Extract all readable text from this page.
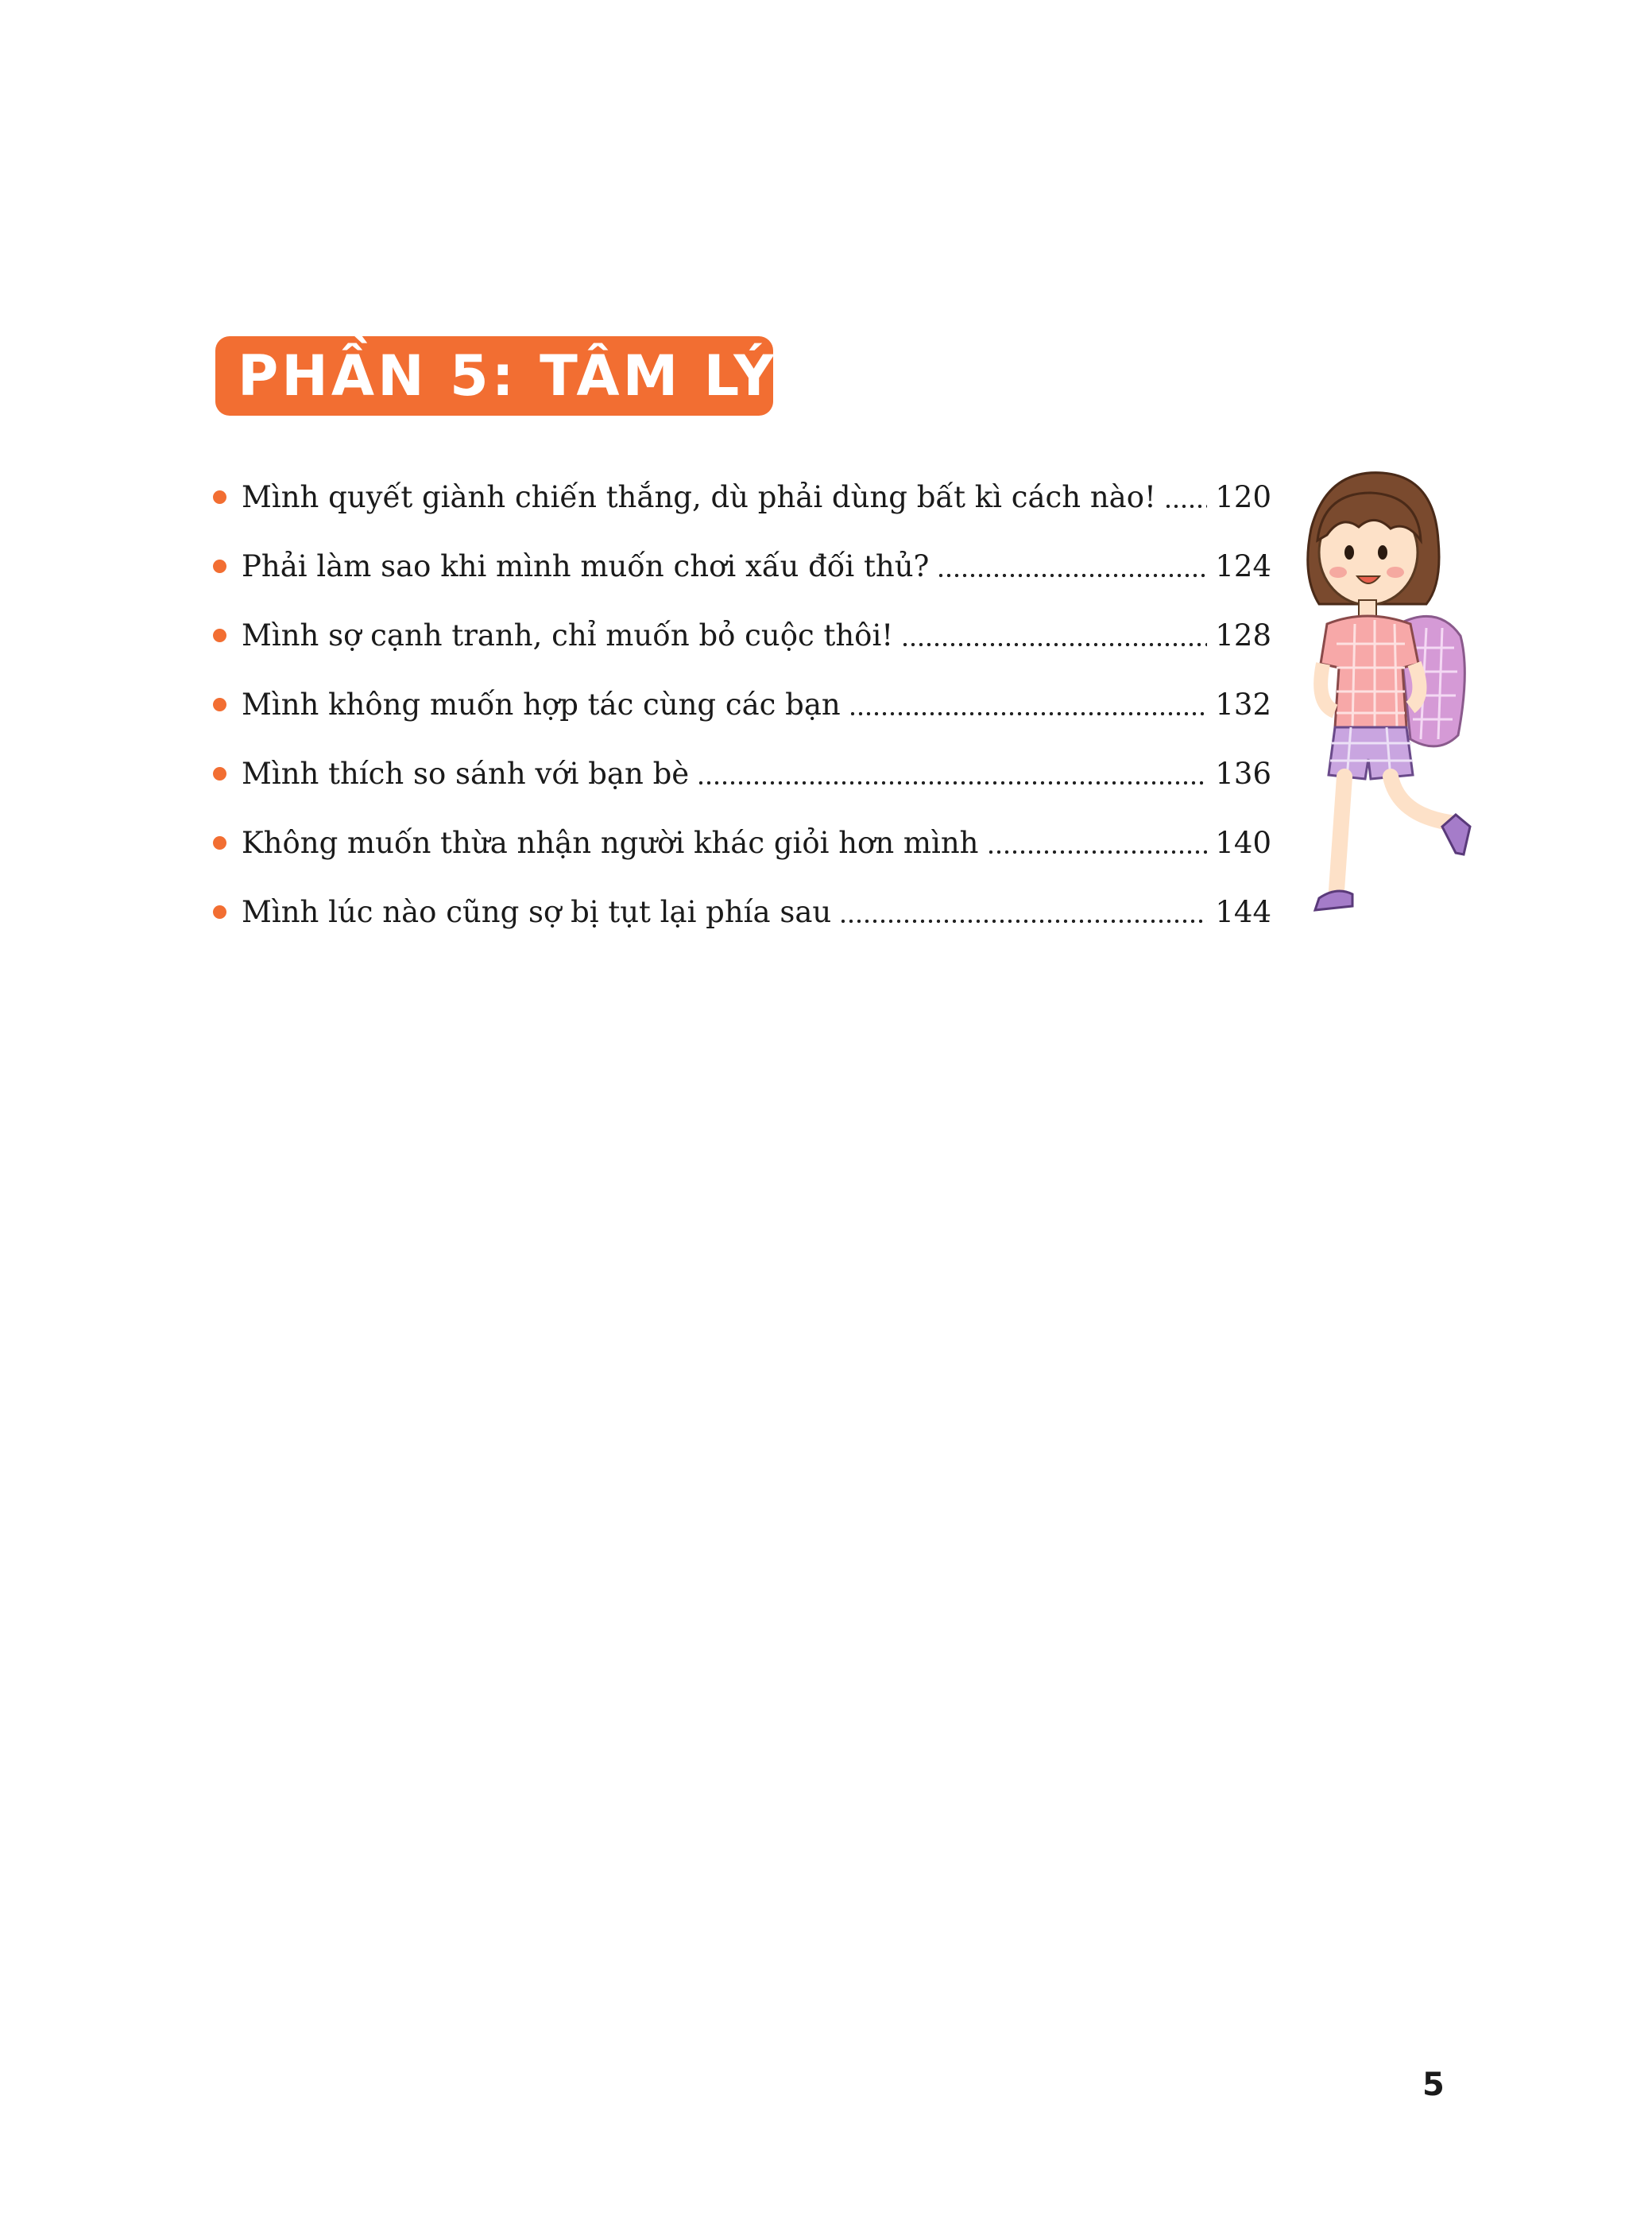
PHẦN 5: TÂM LÝ
Mình quyết giành chiến thắng, dù phải dùng bất kì cách nào! 120
Phải làm sao khi mình muốn chơi xấu đối thủ?	124
Mình sợ cạnh tranh, chỉ muốn bỏ cuộc thôi!	128
Mình không muốn hợp tác cùng các bạn	132
Mình thích so sánh với bạn bè	136
Không muốn thừa nhận người khác giỏi hơn mình	140
Mình lúc nào cũng sợ bị tụt lại phía sau	144
5
